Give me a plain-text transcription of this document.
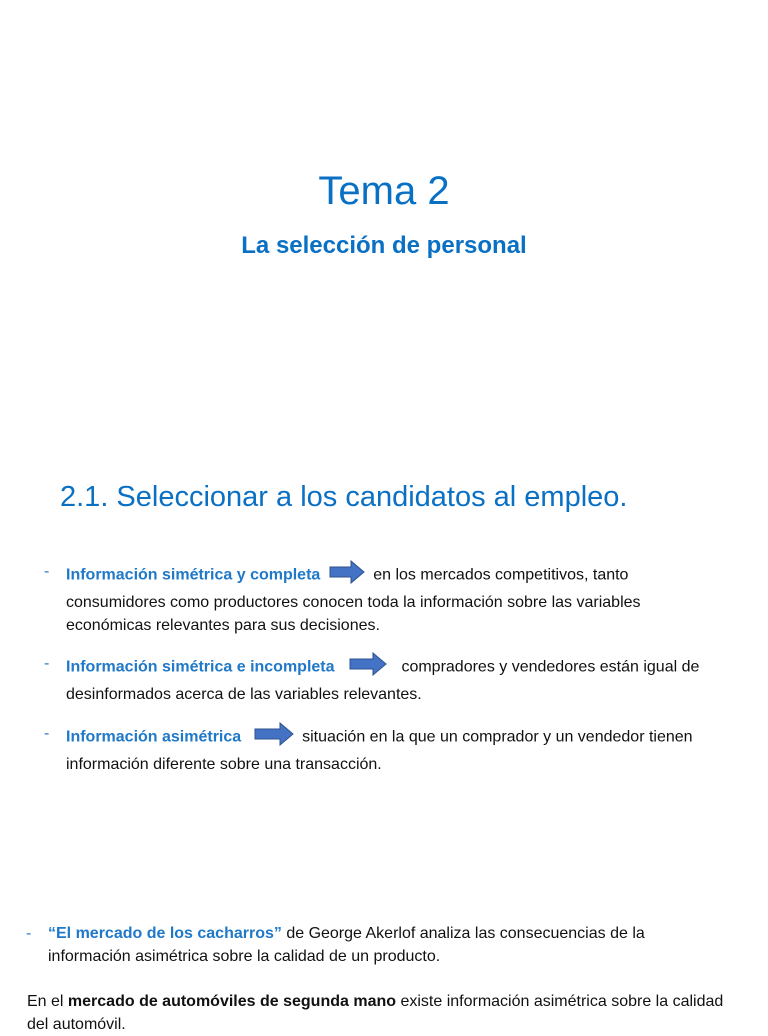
Tema 2
La selección de personal
2.1. Seleccionar a los candidatos al empleo.
- Información simétrica y completa	en los mercados competitivos, tanto consumidores como productores conocen toda la información sobre las variables económicas relevantes para sus decisiones.
- Información simétrica e incompleta	compradores y vendedores están igual de desinformados acerca de las variables relevantes.
- Información asimétrica	situación en la que un comprador y un vendedor tienen información diferente sobre una transacción.
- “El mercado de los cacharros” de George Akerlof analiza las consecuencias de la información asimétrica sobre la calidad de un producto.
En el mercado de automóviles de segunda mano existe información asimétrica sobre la calidad del automóvil.
